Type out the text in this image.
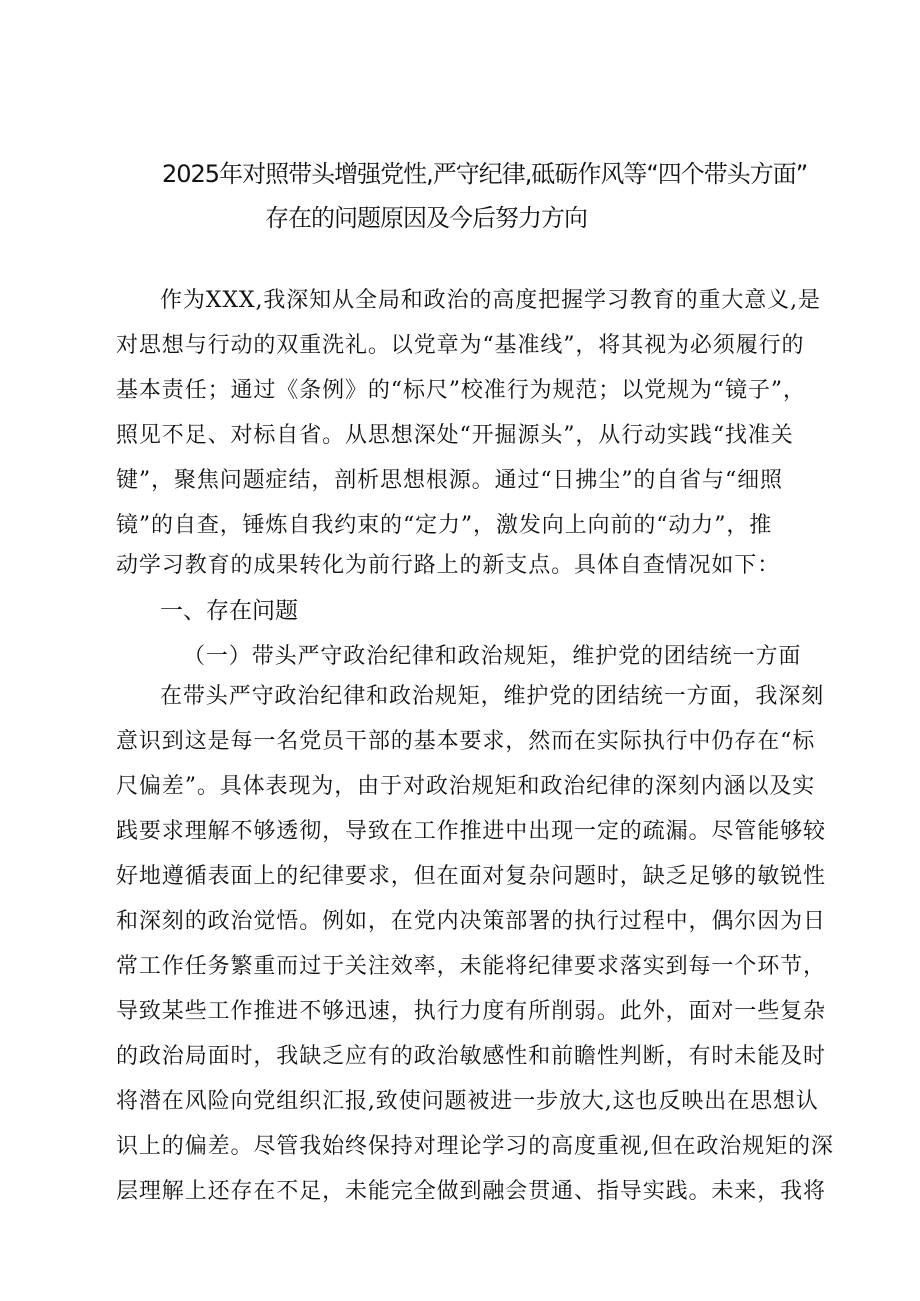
2025年对照带头增强党性,严守纪律,砥砺作风等“四个带头方面”
存在的问题原因及今后努力方向
作为XXX,我深知从全局和政治的高度把握学习教育的重大意义,是
对思想与行动的双重洗礼。以党章为“基准线”，将其视为必须履行的
基本责任；通过《条例》的“标尺”校准行为规范；以党规为“镜子”，
照见不足、对标自省。从思想深处“开掘源头”，从行动实践“找准关
键”，聚焦问题症结，剖析思想根源。通过“日拂尘”的自省与“细照
镜”的自查，锤炼自我约束的“定力”，激发向上向前的“动力”，推
动学习教育的成果转化为前行路上的新支点。具体自查情况如下：
一、存在问题
（一）带头严守政治纪律和政治规矩，维护党的团结统一方面
在带头严守政治纪律和政治规矩，维护党的团结统一方面，我深刻
意识到这是每一名党员干部的基本要求，然而在实际执行中仍存在“标
尺偏差”。具体表现为，由于对政治规矩和政治纪律的深刻内涵以及实
践要求理解不够透彻，导致在工作推进中出现一定的疏漏。尽管能够较
好地遵循表面上的纪律要求，但在面对复杂问题时，缺乏足够的敏锐性
和深刻的政治觉悟。例如，在党内决策部署的执行过程中，偶尔因为日
常工作任务繁重而过于关注效率，未能将纪律要求落实到每一个环节，
导致某些工作推进不够迅速，执行力度有所削弱。此外，面对一些复杂
的政治局面时，我缺乏应有的政治敏感性和前瞻性判断，有时未能及时
将潜在风险向党组织汇报,致使问题被进一步放大,这也反映出在思想认
识上的偏差。尽管我始终保持对理论学习的高度重视,但在政治规矩的深
层理解上还存在不足，未能完全做到融会贯通、指导实践。未来，我将
